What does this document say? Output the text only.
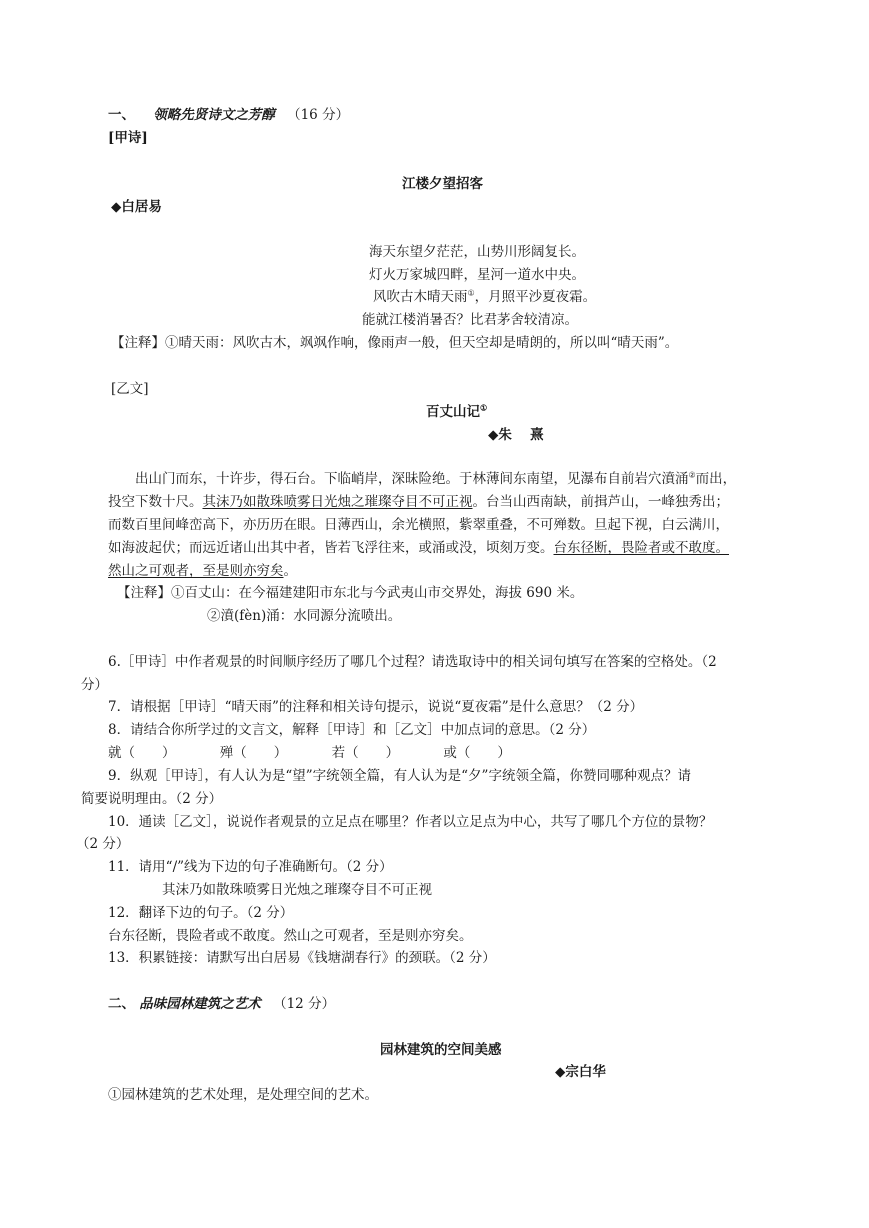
一、 领略先贤诗文之芳醇 （16 分）
[甲诗]
江楼夕望招客
◆白居易
海天东望夕茫茫，山势川形阔复长。
灯火万家城四畔，星河一道水中央。
风吹古木晴天雨①，月照平沙夏夜霜。
能就江楼消暑否？比君茅舍较清凉。
【注释】①晴天雨：风吹古木，飒飒作响，像雨声一般，但天空却是晴朗的，所以叫“晴天雨”。
[乙文]
百丈山记①
◆朱　 熹
出山门而东，十许步，得石台。下临峭岸，深昧险绝。于林薄间东南望，见瀑布自前岩穴濆涌②而出，
投空下数十尺。其沫乃如散珠喷雾日光烛之璀璨夺目不可正视。台当山西南缺，前揖芦山，一峰独秀出；
而数百里间峰峦高下，亦历历在眼。日薄西山，余光横照，紫翠重叠，不可殚数。旦起下视，白云满川，
如海波起伏；而远近诸山出其中者，皆若飞浮往来，或涌或没，顷刻万变。台东径断，畏险者或不敢度。
然山之可观者，至是则亦穷矣。
【注释】①百丈山：在今福建建阳市东北与今武夷山市交界处，海拔 690 米。
②濆(fèn)涌：水同源分流喷出。
6.［甲诗］中作者观景的时间顺序经历了哪几个过程？请选取诗中的相关词句填写在答案的空格处。（2
分）
7．请根据［甲诗］“晴天雨”的注释和相关诗句提示，说说“夏夜霜”是什么意思？（2 分）
8．请结合你所学过的文言文，解释［甲诗］和［乙文］中加点词的意思。（2 分）
就（　　）	殚（　　）	若（　　）	或（　　）
9．纵观［甲诗］，有人认为是“望”字统领全篇，有人认为是“夕”字统领全篇，你赞同哪种观点？请
简要说明理由。（2 分）
10．通读［乙文］，说说作者观景的立足点在哪里？作者以立足点为中心，共写了哪几个方位的景物？
（2 分）
11．请用“/”线为下边的句子准确断句。（2 分）
其沫乃如散珠喷雾日光烛之璀璨夺目不可正视
12．翻译下边的句子。（2 分）
台东径断，畏险者或不敢度。然山之可观者，至是则亦穷矣。
13．积累链接：请默写出白居易《钱塘湖春行》的颈联。（2 分）
二、 品味园林建筑之艺术 （12 分）
园林建筑的空间美感
◆宗白华
①园林建筑的艺术处理，是处理空间的艺术。
